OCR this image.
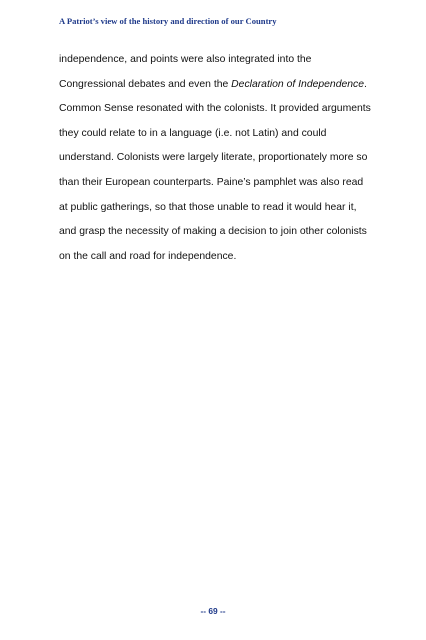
A Patriot’s view of the history and direction of our Country
independence, and points were also integrated into the
Congressional debates and even the Declaration of Independence.
Common Sense resonated with the colonists. It provided arguments
they could relate to in a language (i.e. not Latin) and could
understand. Colonists were largely literate, proportionately more so
than their European counterparts. Paine’s pamphlet was also read
at public gatherings, so that those unable to read it would hear it,
and grasp the necessity of making a decision to join other colonists
on the call and road for independence.
-- 69 --
